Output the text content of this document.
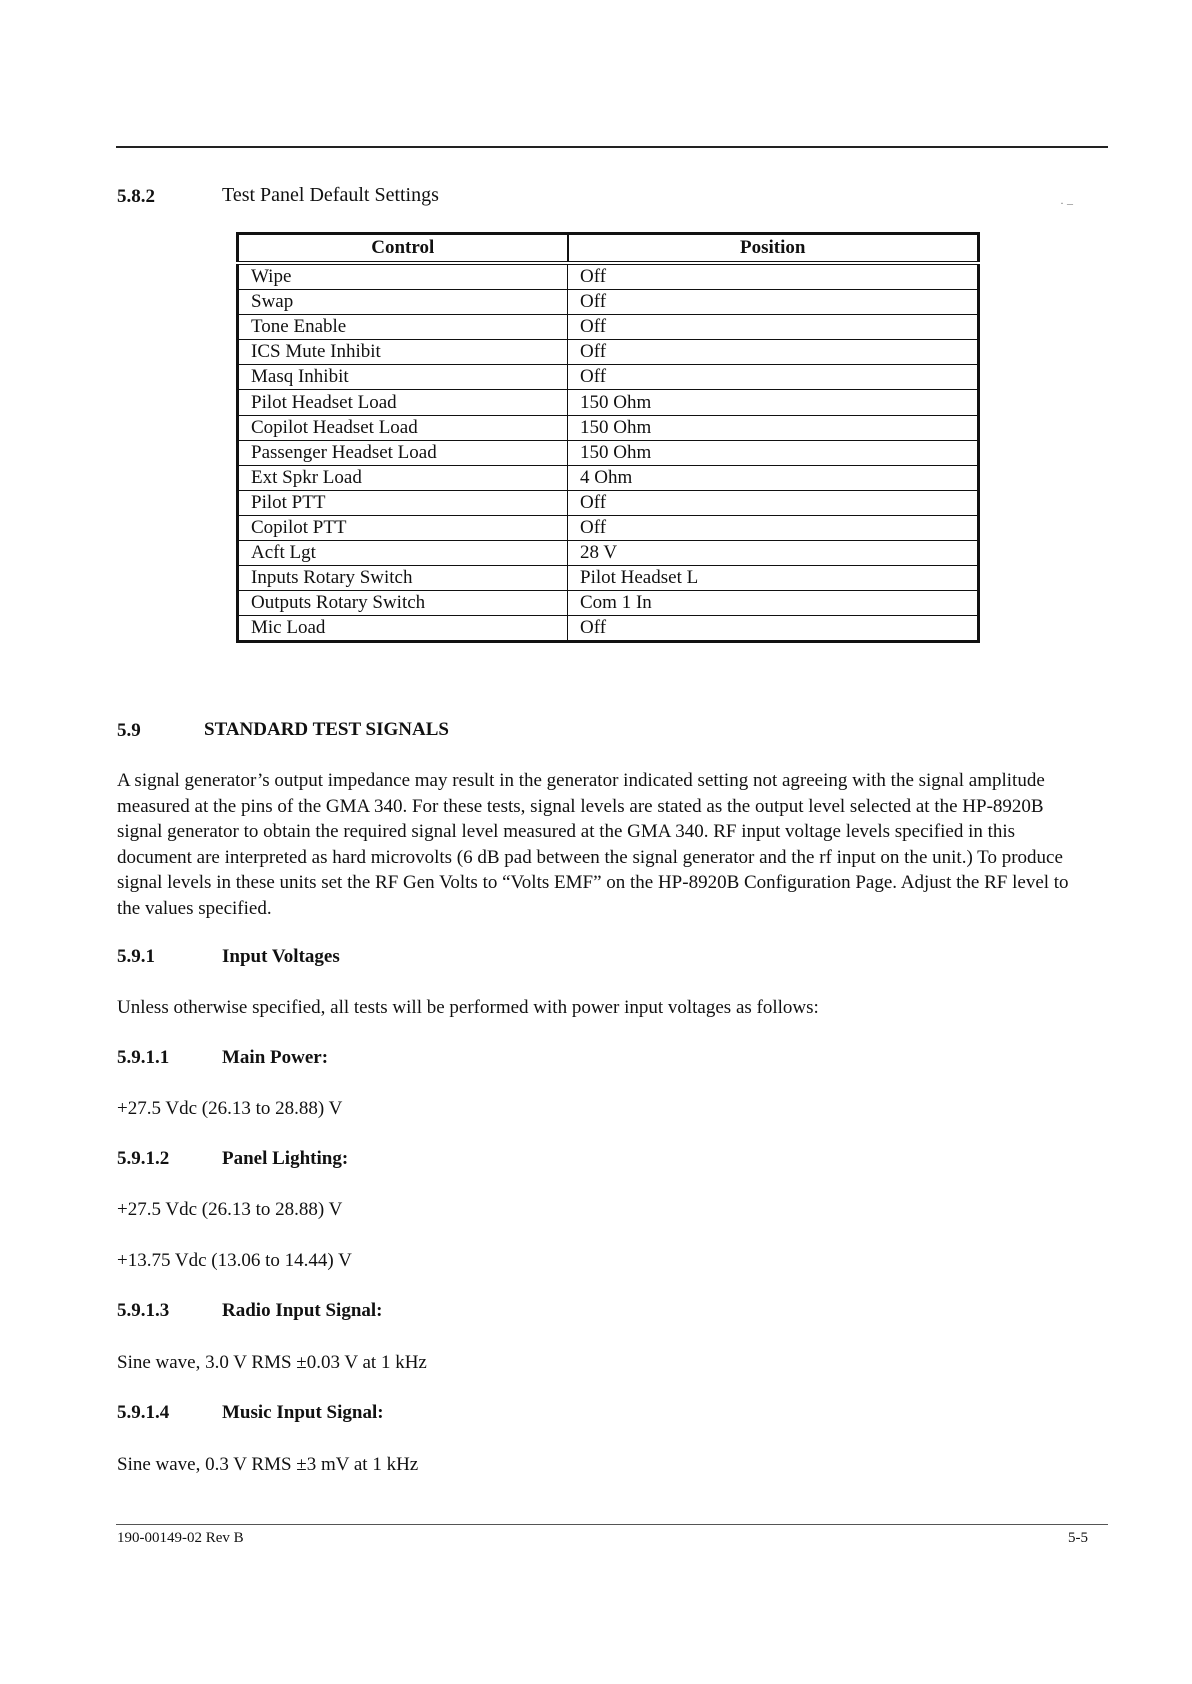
5.8.2	Test Panel Default Settings	· –
Control	Position
Wipe	Off
Swap	Off
Tone Enable	Off
ICS Mute Inhibit	Off
Masq Inhibit	Off
Pilot Headset Load	150 Ohm
Copilot Headset Load	150 Ohm
Passenger Headset Load	150 Ohm
Ext Spkr Load	4 Ohm
Pilot PTT	Off
Copilot PTT	Off
Acft Lgt	28 V
Inputs Rotary Switch	Pilot Headset L
Outputs Rotary Switch	Com 1 In
Mic Load	Off
5.9	STANDARD TEST SIGNALS
A signal generator’s output impedance may result in the generator indicated setting not agreeing with the signal amplitude measured at the pins of the GMA 340. For these tests, signal levels are stated as the output level selected at the HP-8920B signal generator to obtain the required signal level measured at the GMA 340. RF input voltage levels specified in this document are interpreted as hard microvolts (6 dB pad between the signal generator and the rf input on the unit.) To produce signal levels in these units set the RF Gen Volts to “Volts EMF” on the HP-8920B Configuration Page. Adjust the RF level to the values specified.
5.9.1	Input Voltages
Unless otherwise specified, all tests will be performed with power input voltages as follows:
5.9.1.1	Main Power:
+27.5 Vdc (26.13 to 28.88) V
5.9.1.2	Panel Lighting:
+27.5 Vdc (26.13 to 28.88) V
+13.75 Vdc (13.06 to 14.44) V
5.9.1.3	Radio Input Signal:
Sine wave, 3.0 V RMS ±0.03 V at 1 kHz
5.9.1.4	Music Input Signal:
Sine wave, 0.3 V RMS ±3 mV at 1 kHz
190-00149-02 Rev B	5-5
